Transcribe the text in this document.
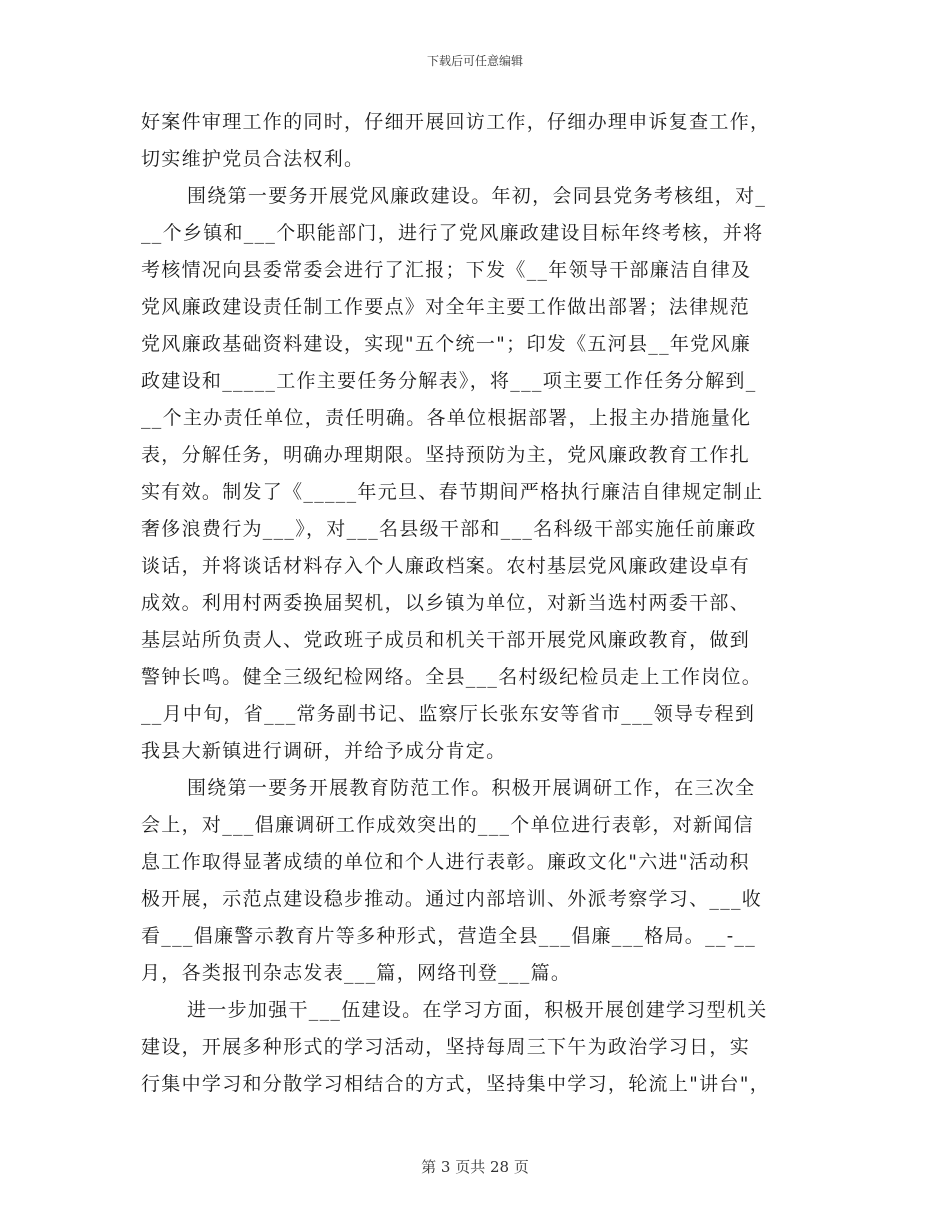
下载后可任意编辑
好案件审理工作的同时，仔细开展回访工作，仔细办理申诉复查工作，
切实维护党员合法权利。
围绕第一要务开展党风廉政建设。年初，会同县党务考核组，对_
__个乡镇和___个职能部门，进行了党风廉政建设目标年终考核，并将
考核情况向县委常委会进行了汇报；下发《__年领导干部廉洁自律及
党风廉政建设责任制工作要点》对全年主要工作做出部署；法律规范
党风廉政基础资料建设，实现"五个统一"；印发《五河县__年党风廉
政建设和_____工作主要任务分解表》，将___项主要工作任务分解到_
__个主办责任单位，责任明确。各单位根据部署，上报主办措施量化
表，分解任务，明确办理期限。坚持预防为主，党风廉政教育工作扎
实有效。制发了《_____年元旦、春节期间严格执行廉洁自律规定制止
奢侈浪费行为___》，对___名县级干部和___名科级干部实施任前廉政
谈话，并将谈话材料存入个人廉政档案。农村基层党风廉政建设卓有
成效。利用村两委换届契机，以乡镇为单位，对新当选村两委干部、
基层站所负责人、党政班子成员和机关干部开展党风廉政教育，做到
警钟长鸣。健全三级纪检网络。全县___名村级纪检员走上工作岗位。
__月中旬，省___常务副书记、监察厅长张东安等省市___领导专程到
我县大新镇进行调研，并给予成分肯定。
围绕第一要务开展教育防范工作。积极开展调研工作，在三次全
会上，对___倡廉调研工作成效突出的___个单位进行表彰，对新闻信
息工作取得显著成绩的单位和个人进行表彰。廉政文化"六进"活动积
极开展，示范点建设稳步推动。通过内部培训、外派考察学习、___收
看___倡廉警示教育片等多种形式，营造全县___倡廉___格局。__-__
月，各类报刊杂志发表___篇，网络刊登___篇。
进一步加强干___伍建设。在学习方面，积极开展创建学习型机关
建设，开展多种形式的学习活动，坚持每周三下午为政治学习日，实
行集中学习和分散学习相结合的方式，坚持集中学习，轮流上"讲台"，
第 3 页共 28 页
